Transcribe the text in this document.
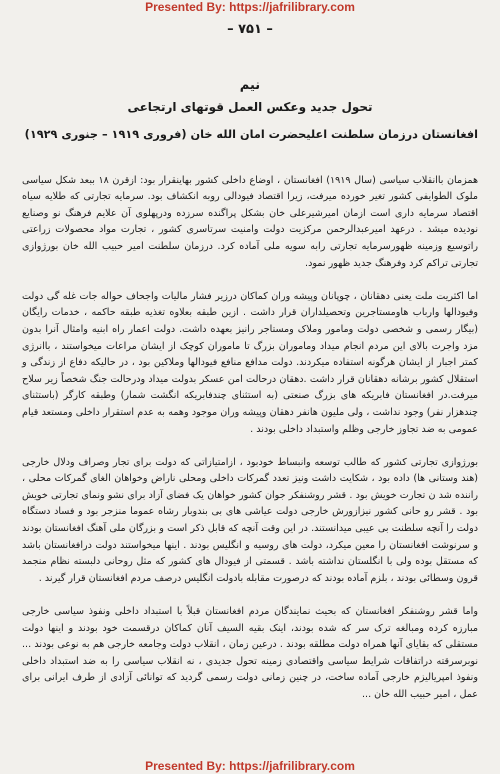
Presented By: https://jafrilibrary.com
– ۷۵۱ –
نیم
تحول جدید وعکس العمل قوتهای ارتجاعی
افغانستان درزمان سلطنت اعلیحضرت امان الله خان (فروری ۱۹۱۹ – جنوری ۱۹۲۹)

همزمان باانقلاب سیاسی (سال ۱۹۱۹) افغانستان ، اوضاع داخلی کشور بهاینقرار بود: ازقرن ۱۸ ببعد شکل سیاسی ملوک الطوایفی کشور تغیر خورده میرفت، زیرا اقتصاد فیودالی روبه انکشاف بود. سرمایه تجارتی که طلایه سیاه اقتصاد سرمایه داری است ازمان امیرشیرعلی خان بشکل پراگنده سرزده ودرپهلوی آن علایم فرهنگ نو وصنایع نودیده میشد . درعهد امیرعبدالرحمن مرکزیت دولت وامنیت سرتاسری کشور ، تجارت مواد محصولات زراعتی راتوسیع وزمینه ظهورسرمایه تجارتی رابه سویه ملی آماده کرد. درزمان سلطنت امیر حبیب الله خان بورژوازی تجارتی تراکم کرد وفرهنگ جدید ظهور نمود.

اما اکثریت ملت یعنی دهقانان ، چوپانان وپیشه وران کماکان درزیر فشار مالیات واجحاف حواله جات غله گی دولت وفیودالها وارباب هاومستاجرین وتحصیلداران قرار داشت . ازین طبقه بعلاوه تغذیه طبقه حاکمه ، خدمات رایگان (بیگار رسمی و شخصی دولت ومامور وملاک ومستاجر رانیز بعهده داشت. دولت اعمار راه ابنیه وامثال آنرا بدون مزد واجرت بالای این مردم انجام میداد وماموران بزرگ تا ماموران کوچک از ایشان مراعات میخواستند ، باانرژی کمتر اجبار از ایشان هرگونه استفاده میکردند. دولت مدافع منافع فیودالها وملاکین بود ، در حالیکه دفاع از زندگی و استقلال کشور برشانه دهقانان قرار داشت .دهقان درحالت امن عسکر بدولت میداد ودرحالت جنگ شخصاً زیر سلاح میرفت.در افغانستان فابریکه های بزرگ صنعتی (به استثنای چندفابریکه انگشت شمار) وطبقه کارگر (باستثنای چندهزار نفر) وجود نداشت ، ولی ملیون هانفر دهقان وپیشه وران موجود وهمه به عدم استقرار داخلی ومستعد قیام عمومی به ضد تجاوز خارجی وظلم واستبداد داخلی بودند .

بورژوازی تجارتی کشور که طالب توسعه وانبساط خودبود ، ازامتیازاتی که دولت برای تجار وصراف ودلال خارجی (هند وستانی ها) داده بود ، شکایت داشت ونيز تعدد گمرکات داخلی ومحلی ناراض وخواهان الغای گمرکات محلی ، راننده شد ن تجارت خویش بود . قشر روشنفکر جوان کشور خواهان یک فضای آزاد برای نشو ونمای تجارتی خویش بود . قشر رو حانی کشور نیزازورش خارجی دولت عیاشی های بی بندوبار رشاه عموما منزجر بود و فساد دستگاه دولت را آنچه سلطنت بی عیبی میدانستند. در این وقت آنچه که قابل ذکر است و بزرگان ملی آهنگ افغانستان بودند و سرنوشت افغانستان را معین میکرد، دولت های روسیه و انگلیس بودند . اینها میخواستند دولت درافغانستان باشد که مستقل بوده ولی با انگلستان نداشته باشد . قسمتی از فیودال های کشور که مثل روحانی دلبسته نظام منجمد قرون وسطائی بودند ، بلزم آماده بودند که درصورت مقابله بادولت انگلیس درصف مردم افغانستان قرار گیرند .

واما قشر روشنفکر افغانستان که بحیث نمایندگان مردم افغانستان قبلاً با استبداد داخلی ونفوذ سیاسی خارجی مبارزه کرده ومبالغه ترک سر که شده بودند، اینک بقیه السیف آنان کماکان درقسمت خود بودند و اینها دولت مستقلی که بقایای آنها همراه دولت مطلقه بودند . درعین زمان ، انقلاب دولت وجامعه خارجی هم به نوعی بودند ... نوبرسرقته دراتفاقات شرایط سیاسی واقتصادی زمینه تحول جدیدی ، نه انقلاب سیاسی را به ضد استبداد داخلی ونفوذ امپریالیزم خارجی آماده ساخت، در چنین زمانی دولت رسمی گردید که توانائی آزادی از طرف ایرانی برای عمل ، امیر حبیب الله خان ...

Presented By: https://jafrilibrary.com
